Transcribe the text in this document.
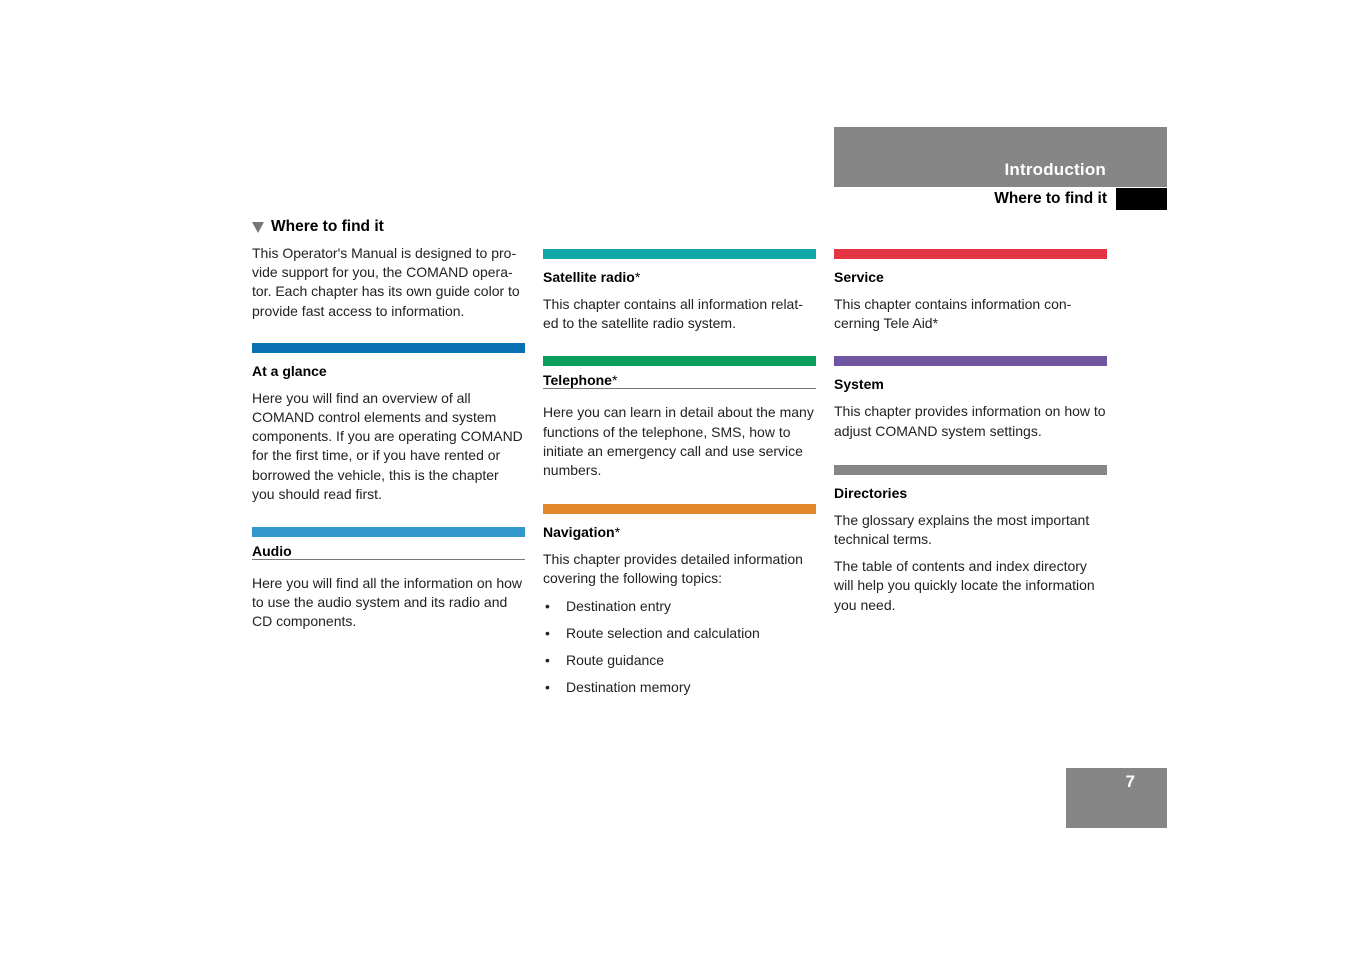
Introduction
Where to find it
Where to find it

This Operator's Manual is designed to pro-vide support for you, the COMAND opera-tor. Each chapter has its own guide color to provide fast access to information.

At a glance

Here you will find an overview of all COMAND control elements and system components. If you are operating COMAND for the first time, or if you have rented or borrowed the vehicle, this is the chapter you should read first.

Audio

Here you will find all the information on how to use the audio system and its radio and CD components.

Satellite radio*

This chapter contains all information relat-ed to the satellite radio system.

Telephone*

Here you can learn in detail about the many functions of the telephone, SMS, how to initiate an emergency call and use service numbers.

Navigation*

This chapter provides detailed information covering the following topics:

• Destination entry
• Route selection and calculation
• Route guidance
• Destination memory
Service

This chapter contains information con-cerning Tele Aid*

System

This chapter provides information on how to adjust COMAND system settings.

Directories

The glossary explains the most important technical terms.

The table of contents and index directory will help you quickly locate the information you need.

7
